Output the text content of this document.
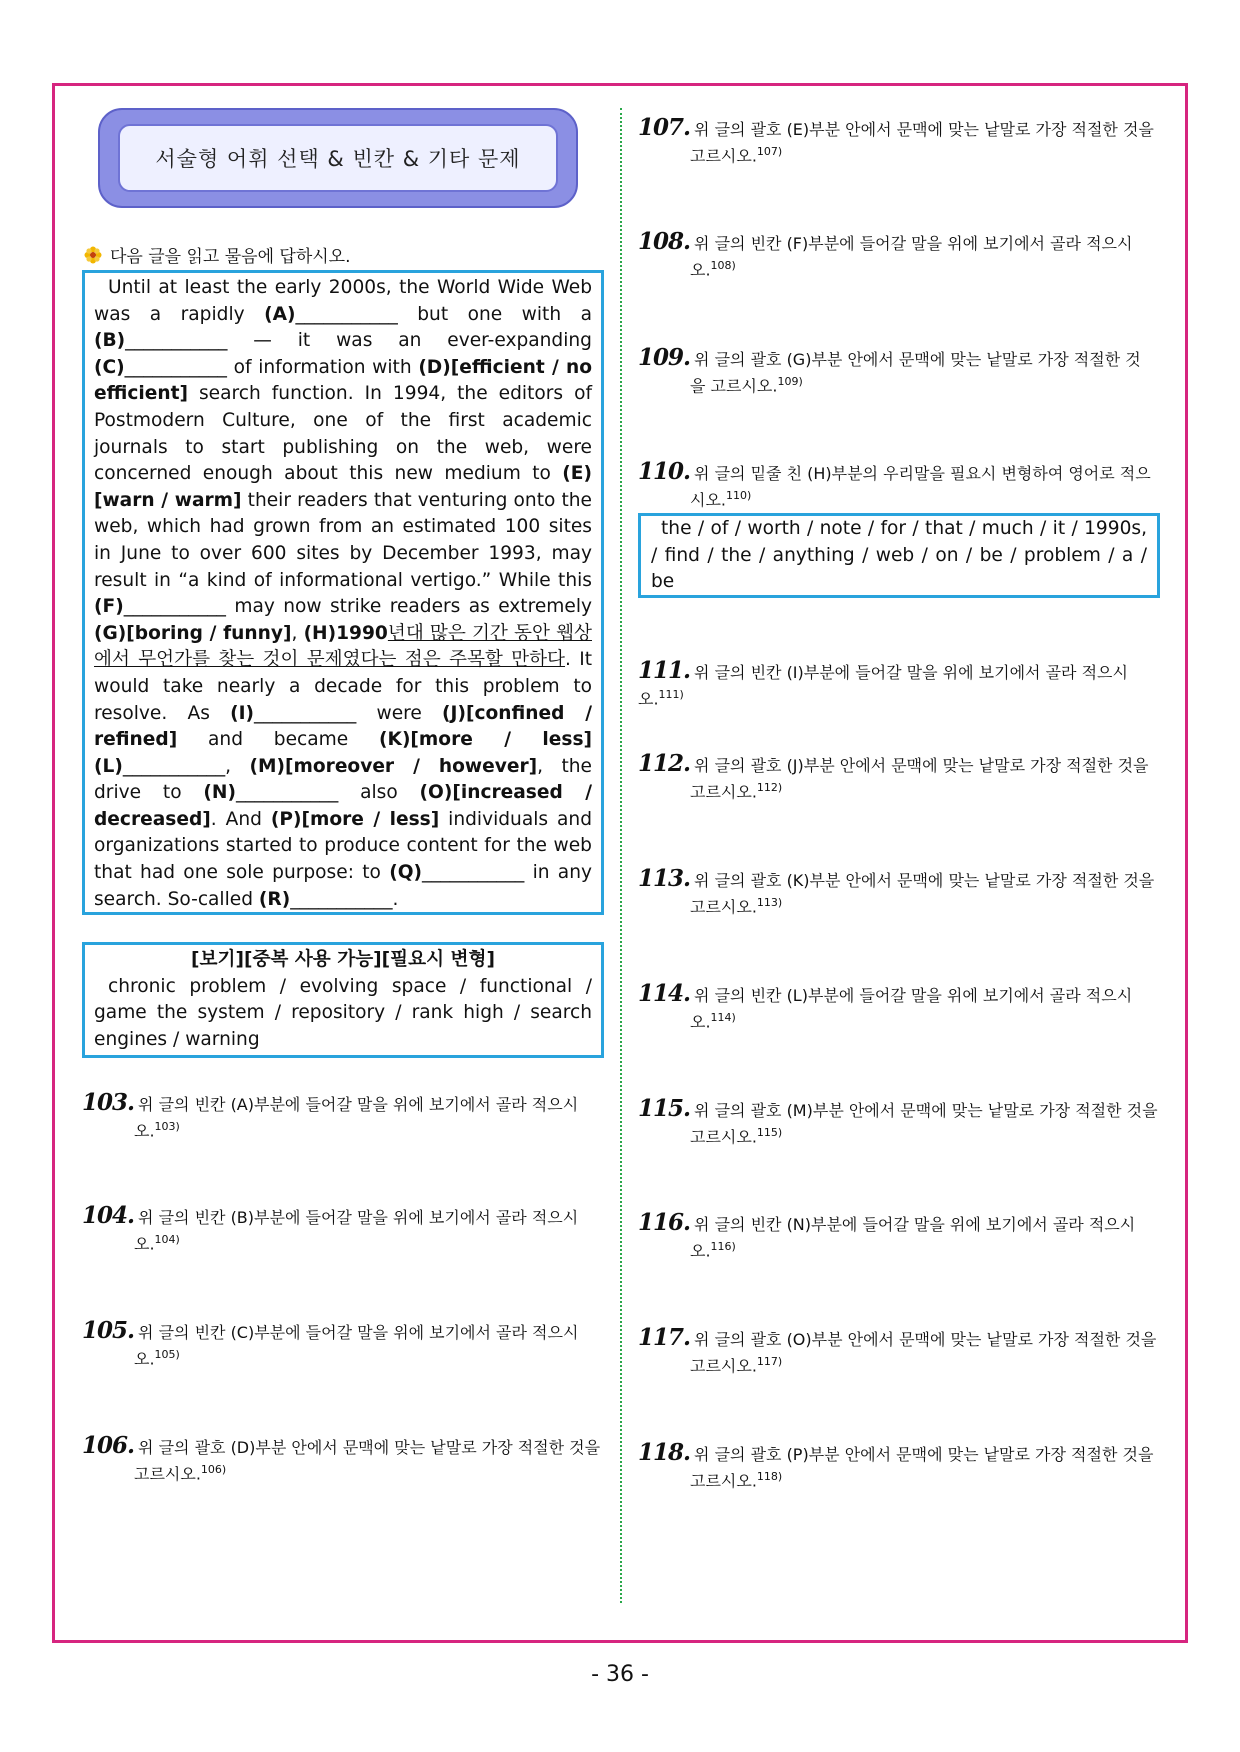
서술형 어휘 선택 & 빈칸 & 기타 문제
다음 글을 읽고 물음에 답하시오.
Until at least the early 2000s, the World Wide Web was a rapidly (A)___________ but one with a (B)___________ — it was an ever-expanding (C)___________ of information with (D)[efficient / no efficient] search function. In 1994, the editors of Postmodern Culture, one of the first academic journals to start publishing on the web, were concerned enough about this new medium to (E)[warn / warm] their readers that venturing onto the web, which had grown from an estimated 100 sites in June to over 600 sites by December 1993, may result in “a kind of informational vertigo.” While this (F)___________ may now strike readers as extremely (G)[boring / funny], (H)1990년대 많은 기간 동안 웹상에서 무언가를 찾는 것이 문제였다는 점은 주목할 만하다. It would take nearly a decade for this problem to resolve. As (I)___________ were (J)[confined / refined] and became (K)[more / less] (L)___________, (M)[moreover / however], the drive to (N)___________ also (O)[increased / decreased]. And (P)[more / less] individuals and organizations started to produce content for the web that had one sole purpose: to (Q)___________ in any search. So-called (R)___________.
[보기][중복 사용 가능][필요시 변형]
chronic problem / evolving space / functional / game the system / repository / rank high / search engines / warning
103. 위 글의 빈칸 (A)부분에 들어갈 말을 위에 보기에서 골라 적으시
오.$^{103)}$
104. 위 글의 빈칸 (B)부분에 들어갈 말을 위에 보기에서 골라 적으시
오.$^{104)}$
105. 위 글의 빈칸 (C)부분에 들어갈 말을 위에 보기에서 골라 적으시
오.$^{105)}$
106. 위 글의 괄호 (D)부분 안에서 문맥에 맞는 낱말로 가장 적절한 것을
고르시오.$^{106)}$
107. 위 글의 괄호 (E)부분 안에서 문맥에 맞는 낱말로 가장 적절한 것을
고르시오.$^{107)}$
108. 위 글의 빈칸 (F)부분에 들어갈 말을 위에 보기에서 골라 적으시
오.$^{108)}$
109. 위 글의 괄호 (G)부분 안에서 문맥에 맞는 낱말로 가장 적절한 것
을 고르시오.$^{109)}$
110. 위 글의 밑줄 친 (H)부분의 우리말을 필요시 변형하여 영어로 적으
시오.$^{110)}$
the / of / worth / note / for / that / much / it / 1990s, / find / the / anything / web / on / be / problem / a / be
111. 위 글의 빈칸 (I)부분에 들어갈 말을 위에 보기에서 골라 적으시오.$^{111)}$
112. 위 글의 괄호 (J)부분 안에서 문맥에 맞는 낱말로 가장 적절한 것을
고르시오.$^{112)}$
113. 위 글의 괄호 (K)부분 안에서 문맥에 맞는 낱말로 가장 적절한 것을
고르시오.$^{113)}$
114. 위 글의 빈칸 (L)부분에 들어갈 말을 위에 보기에서 골라 적으시
오.$^{114)}$
115. 위 글의 괄호 (M)부분 안에서 문맥에 맞는 낱말로 가장 적절한 것을
고르시오.$^{115)}$
116. 위 글의 빈칸 (N)부분에 들어갈 말을 위에 보기에서 골라 적으시
오.$^{116)}$
117. 위 글의 괄호 (O)부분 안에서 문맥에 맞는 낱말로 가장 적절한 것을
고르시오.$^{117)}$
118. 위 글의 괄호 (P)부분 안에서 문맥에 맞는 낱말로 가장 적절한 것을
고르시오.$^{118)}$
- 36 -
